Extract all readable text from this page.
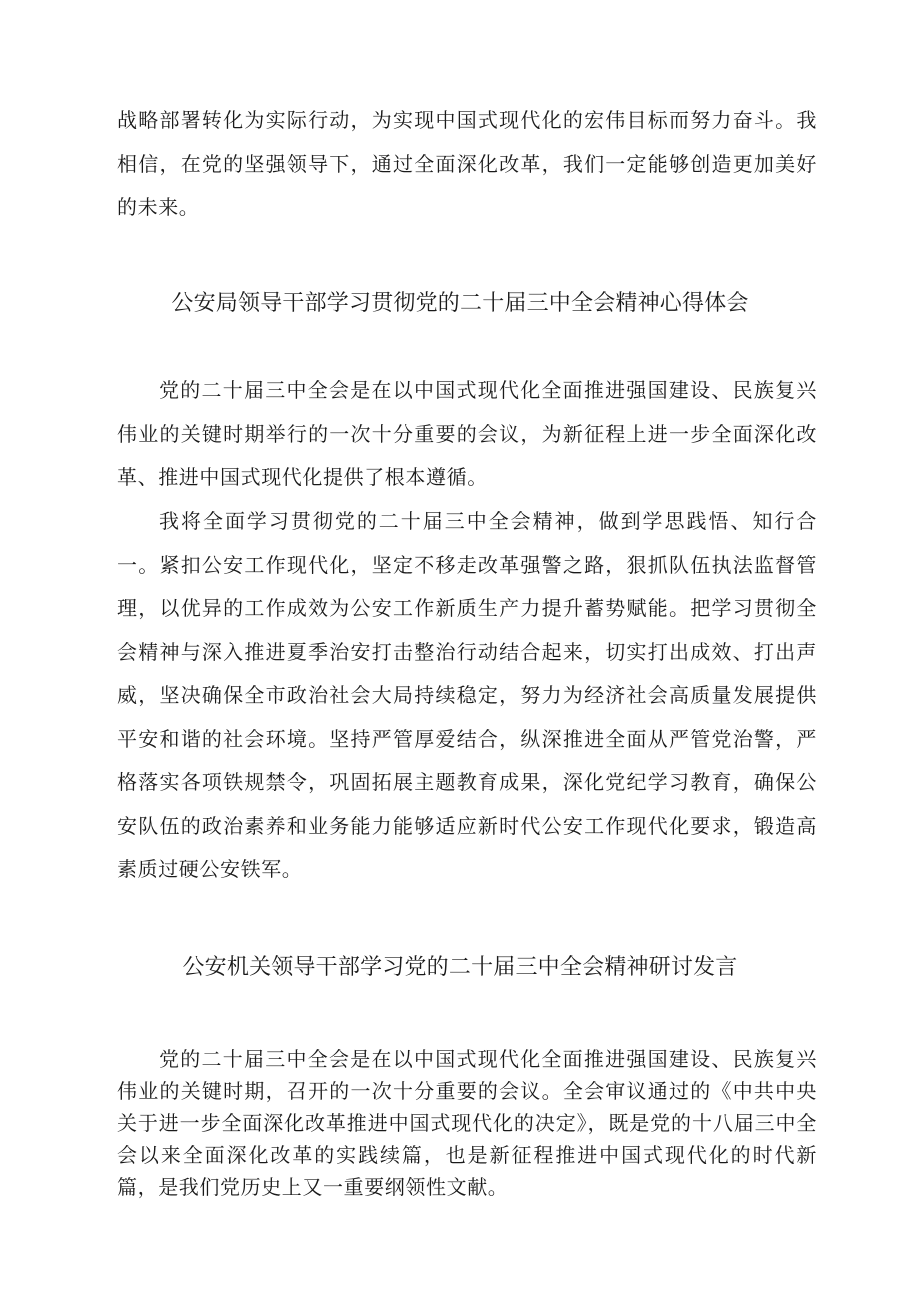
战略部署转化为实际行动，为实现中国式现代化的宏伟目标而努力奋斗。我相信，在党的坚强领导下，通过全面深化改革，我们一定能够创造更加美好的未来。

公安局领导干部学习贯彻党的二十届三中全会精神心得体会

党的二十届三中全会是在以中国式现代化全面推进强国建设、民族复兴伟业的关键时期举行的一次十分重要的会议，为新征程上进一步全面深化改革、推进中国式现代化提供了根本遵循。

我将全面学习贯彻党的二十届三中全会精神，做到学思践悟、知行合一。紧扣公安工作现代化，坚定不移走改革强警之路，狠抓队伍执法监督管理，以优异的工作成效为公安工作新质生产力提升蓄势赋能。把学习贯彻全会精神与深入推进夏季治安打击整治行动结合起来，切实打出成效、打出声威，坚决确保全市政治社会大局持续稳定，努力为经济社会高质量发展提供平安和谐的社会环境。坚持严管厚爱结合，纵深推进全面从严管党治警，严格落实各项铁规禁令，巩固拓展主题教育成果，深化党纪学习教育，确保公安队伍的政治素养和业务能力能够适应新时代公安工作现代化要求，锻造高素质过硬公安铁军。

公安机关领导干部学习党的二十届三中全会精神研讨发言

党的二十届三中全会是在以中国式现代化全面推进强国建设、民族复兴伟业的关键时期，召开的一次十分重要的会议。全会审议通过的《中共中央关于进一步全面深化改革推进中国式现代化的决定》，既是党的十八届三中全会以来全面深化改革的实践续篇，也是新征程推进中国式现代化的时代新篇，是我们党历史上又一重要纲领性文献。
